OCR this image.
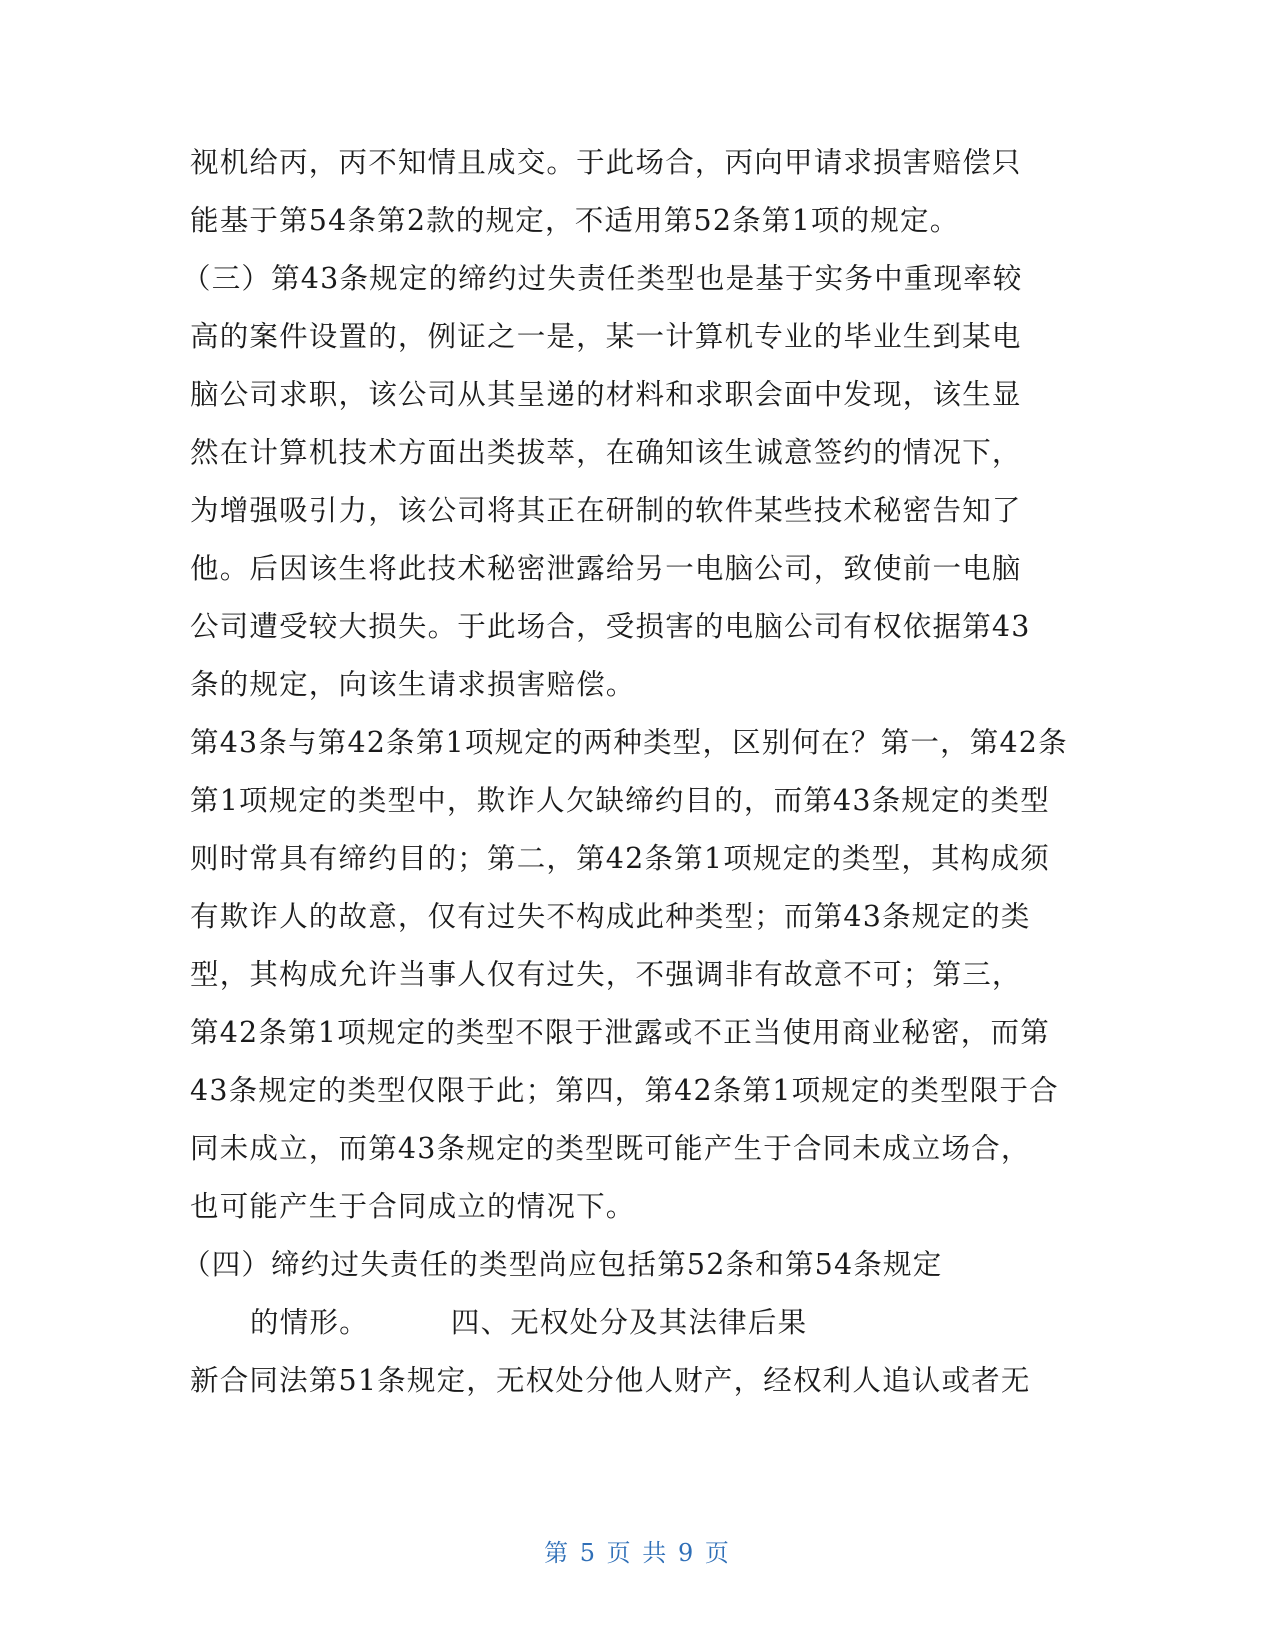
视机给丙，丙不知情且成交。于此场合，丙向甲请求损害赔偿只
能基于第54条第2款的规定，不适用第52条第1项的规定。
（三）第43条规定的缔约过失责任类型也是基于实务中重现率较
高的案件设置的，例证之一是，某一计算机专业的毕业生到某电
脑公司求职，该公司从其呈递的材料和求职会面中发现，该生显
然在计算机技术方面出类拔萃，在确知该生诚意签约的情况下，
为增强吸引力，该公司将其正在研制的软件某些技术秘密告知了
他。后因该生将此技术秘密泄露给另一电脑公司，致使前一电脑
公司遭受较大损失。于此场合，受损害的电脑公司有权依据第43
条的规定，向该生请求损害赔偿。
第43条与第42条第1项规定的两种类型，区别何在？第一，第42条
第1项规定的类型中，欺诈人欠缺缔约目的，而第43条规定的类型
则时常具有缔约目的；第二，第42条第1项规定的类型，其构成须
有欺诈人的故意，仅有过失不构成此种类型；而第43条规定的类
型，其构成允许当事人仅有过失，不强调非有故意不可；第三，
第42条第1项规定的类型不限于泄露或不正当使用商业秘密，而第
43条规定的类型仅限于此；第四，第42条第1项规定的类型限于合
同未成立，而第43条规定的类型既可能产生于合同未成立场合，
也可能产生于合同成立的情况下。
（四）缔约过失责任的类型尚应包括第52条和第54条规定
的情形。        四、无权处分及其法律后果
新合同法第51条规定，无权处分他人财产，经权利人追认或者无
第 5 页 共 9 页
